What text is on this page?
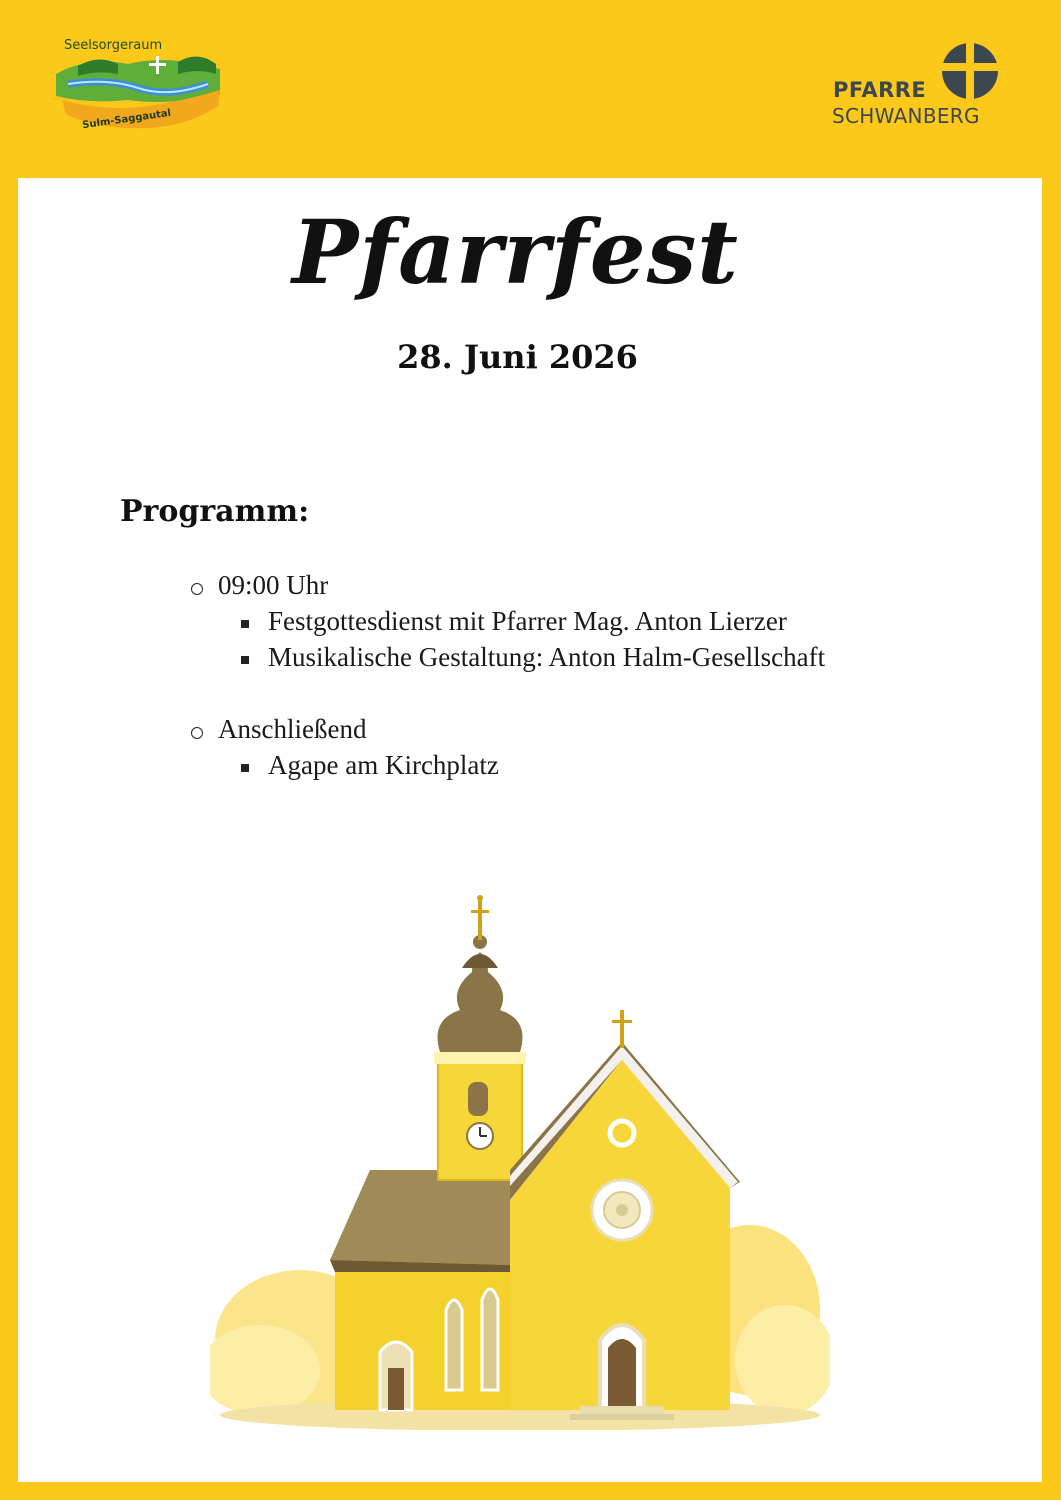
Seelsorgeraum
Sulm-Saggautal
PFARRE
SCHWANBERG
Pfarrfest
28. Juni 2026
Programm:
09:00 Uhr
Festgottesdienst mit Pfarrer Mag. Anton Lierzer
Musikalische Gestaltung: Anton Halm-Gesellschaft
Anschließend
Agape am Kirchplatz
